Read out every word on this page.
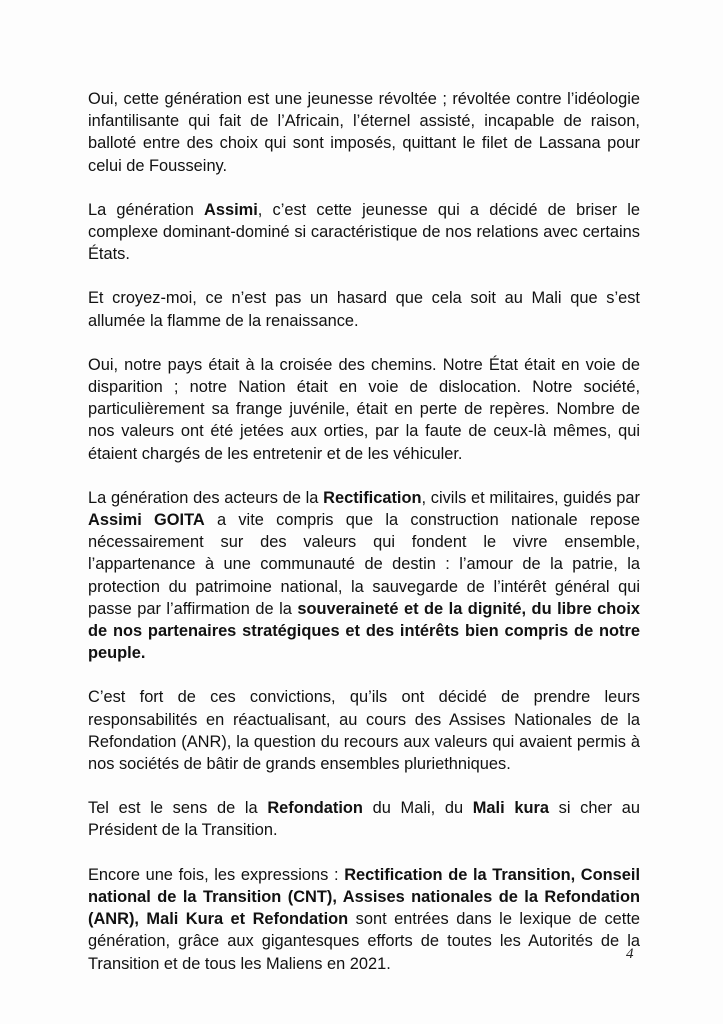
Oui, cette génération est une jeunesse révoltée ; révoltée contre l’idéologie infantilisante qui fait de l’Africain, l’éternel assisté, incapable de raison, balloté entre des choix qui sont imposés, quittant le filet de Lassana pour celui de Fousseiny.

La génération Assimi, c’est cette jeunesse qui a décidé de briser le complexe dominant-dominé si caractéristique de nos relations avec certains États.

Et croyez-moi, ce n’est pas un hasard que cela soit au Mali que s’est allumée la flamme de la renaissance.

Oui, notre pays était à la croisée des chemins. Notre État était en voie de disparition ; notre Nation était en voie de dislocation. Notre société, particulièrement sa frange juvénile, était en perte de repères. Nombre de nos valeurs ont été jetées aux orties, par la faute de ceux-là mêmes, qui étaient chargés de les entretenir et de les véhiculer.

La génération des acteurs de la Rectification, civils et militaires, guidés par Assimi GOITA a vite compris que la construction nationale repose nécessairement sur des valeurs qui fondent le vivre ensemble, l’appartenance à une communauté de destin : l’amour de la patrie, la protection du patrimoine national, la sauvegarde de l’intérêt général qui passe par l’affirmation de la souveraineté et de la dignité, du libre choix de nos partenaires stratégiques et des intérêts bien compris de notre peuple.

C’est fort de ces convictions, qu’ils ont décidé de prendre leurs responsabilités en réactualisant, au cours des Assises Nationales de la Refondation (ANR), la question du recours aux valeurs qui avaient permis à nos sociétés de bâtir de grands ensembles pluriethniques.

Tel est le sens de la Refondation du Mali, du Mali kura si cher au Président de la Transition.

Encore une fois, les expressions : Rectification de la Transition, Conseil national de la Transition (CNT), Assises nationales de la Refondation (ANR), Mali Kura et Refondation sont entrées dans le lexique de cette génération, grâce aux gigantesques efforts de toutes les Autorités de la Transition et de tous les Maliens en 2021.

4
